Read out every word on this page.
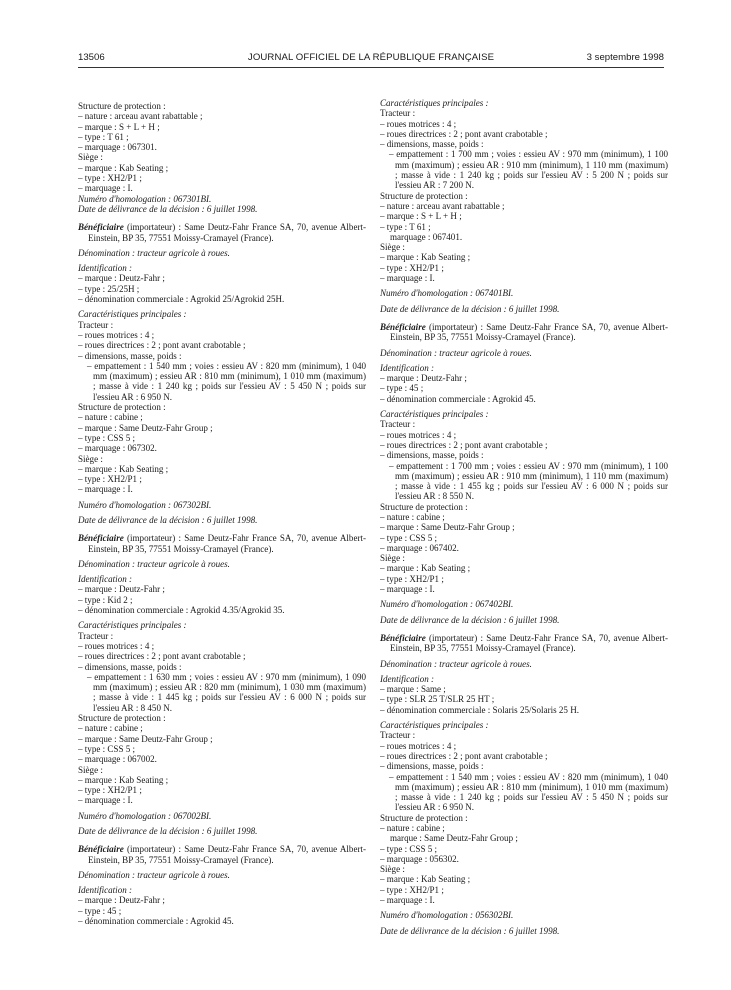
13506	JOURNAL OFFICIEL DE LA RÉPUBLIQUE FRANÇAISE	3 septembre 1998
Structure de protection :
– nature : arceau avant rabattable ;
– marque : S + L + H ;
– type : T 61 ;
– marquage : 067301.
Siège :
– marque : Kab Seating ;
– type : XH2/P1 ;
– marquage : I.
Numéro d'homologation : 067301BI.
Date de délivrance de la décision : 6 juillet 1998.
Bénéficiaire (importateur) : Same Deutz-Fahr France SA, 70, avenue Albert-Einstein, BP 35, 77551 Moissy-Cramayel (France).
Dénomination : tracteur agricole à roues.
Identification :
– marque : Deutz-Fahr ;
– type : 25/25H ;
– dénomination commerciale : Agrokid 25/Agrokid 25H.
Caractéristiques principales :
Tracteur :
– roues motrices : 4 ;
– roues directrices : 2 ; pont avant crabotable ;
– dimensions, masse, poids :
– empattement : 1 540 mm ; voies : essieu AV : 820 mm (minimum), 1 040 mm (maximum) ; essieu AR : 810 mm (minimum), 1 010 mm (maximum) ; masse à vide : 1 240 kg ; poids sur l'essieu AV : 5 450 N ; poids sur l'essieu AR : 6 950 N.
Structure de protection :
– nature : cabine ;
– marque : Same Deutz-Fahr Group ;
– type : CSS 5 ;
– marquage : 067302.
Siège :
– marque : Kab Seating ;
– type : XH2/P1 ;
– marquage : I.
Numéro d'homologation : 067302BI.
Date de délivrance de la décision : 6 juillet 1998.
Bénéficiaire (importateur) : Same Deutz-Fahr France SA, 70, avenue Albert-Einstein, BP 35, 77551 Moissy-Cramayel (France).
Dénomination : tracteur agricole à roues.
Identification :
– marque : Deutz-Fahr ;
– type : Kid 2 ;
– dénomination commerciale : Agrokid 4.35/Agrokid 35.
Caractéristiques principales :
Tracteur :
– roues motrices : 4 ;
– roues directrices : 2 ; pont avant crabotable ;
– dimensions, masse, poids :
– empattement : 1 630 mm ; voies : essieu AV : 970 mm (minimum), 1 090 mm (maximum) ; essieu AR : 820 mm (minimum), 1 030 mm (maximum) ; masse à vide : 1 445 kg ; poids sur l'essieu AV : 6 000 N ; poids sur l'essieu AR : 8 450 N.
Structure de protection :
– nature : cabine ;
– marque : Same Deutz-Fahr Group ;
– type : CSS 5 ;
– marquage : 067002.
Siège :
– marque : Kab Seating ;
– type : XH2/P1 ;
– marquage : I.
Numéro d'homologation : 067002BI.
Date de délivrance de la décision : 6 juillet 1998.
Bénéficiaire (importateur) : Same Deutz-Fahr France SA, 70, avenue Albert-Einstein, BP 35, 77551 Moissy-Cramayel (France).
Dénomination : tracteur agricole à roues.
Identification :
– marque : Deutz-Fahr ;
– type : 45 ;
– dénomination commerciale : Agrokid 45.
Caractéristiques principales :
Tracteur :
– roues motrices : 4 ;
– roues directrices : 2 ; pont avant crabotable ;
– dimensions, masse, poids :
– empattement : 1 700 mm ; voies : essieu AV : 970 mm (minimum), 1 100 mm (maximum) ; essieu AR : 910 mm (minimum), 1 110 mm (maximum) ; masse à vide : 1 240 kg ; poids sur l'essieu AV : 5 200 N ; poids sur l'essieu AR : 7 200 N.
Structure de protection :
– nature : arceau avant rabattable ;
– marque : S + L + H ;
– type : T 61 ;
marquage : 067401.
Siège :
– marque : Kab Seating ;
– type : XH2/P1 ;
– marquage : I.
Numéro d'homologation : 067401BI.
Date de délivrance de la décision : 6 juillet 1998.
Bénéficiaire (importateur) : Same Deutz-Fahr France SA, 70, avenue Albert-Einstein, BP 35, 77551 Moissy-Cramayel (France).
Dénomination : tracteur agricole à roues.
Identification :
– marque : Deutz-Fahr ;
– type : 45 ;
– dénomination commerciale : Agrokid 45.
Caractéristiques principales :
Tracteur :
– roues motrices : 4 ;
– roues directrices : 2 ; pont avant crabotable ;
– dimensions, masse, poids :
– empattement : 1 700 mm ; voies : essieu AV : 970 mm (minimum), 1 100 mm (maximum) ; essieu AR : 910 mm (minimum), 1 110 mm (maximum) ; masse à vide : 1 455 kg ; poids sur l'essieu AV : 6 000 N ; poids sur l'essieu AR : 8 550 N.
Structure de protection :
– nature : cabine ;
– marque : Same Deutz-Fahr Group ;
– type : CSS 5 ;
– marquage : 067402.
Siège :
– marque : Kab Seating ;
– type : XH2/P1 ;
– marquage : I.
Numéro d'homologation : 067402BI.
Date de délivrance de la décision : 6 juillet 1998.
Bénéficiaire (importateur) : Same Deutz-Fahr France SA, 70, avenue Albert-Einstein, BP 35, 77551 Moissy-Cramayel (France).
Dénomination : tracteur agricole à roues.
Identification :
– marque : Same ;
– type : SLR 25 T/SLR 25 HT ;
– dénomination commerciale : Solaris 25/Solaris 25 H.
Caractéristiques principales :
Tracteur :
– roues motrices : 4 ;
– roues directrices : 2 ; pont avant crabotable ;
– dimensions, masse, poids :
– empattement : 1 540 mm ; voies : essieu AV : 820 mm (minimum), 1 040 mm (maximum) ; essieu AR : 810 mm (minimum), 1 010 mm (maximum) ; masse à vide : 1 240 kg ; poids sur l'essieu AV : 5 450 N ; poids sur l'essieu AR : 6 950 N.
Structure de protection :
– nature : cabine ;
marque : Same Deutz-Fahr Group ;
– type : CSS 5 ;
– marquage : 056302.
Siège :
– marque : Kab Seating ;
– type : XH2/P1 ;
– marquage : I.
Numéro d'homologation : 056302BI.
Date de délivrance de la décision : 6 juillet 1998.
